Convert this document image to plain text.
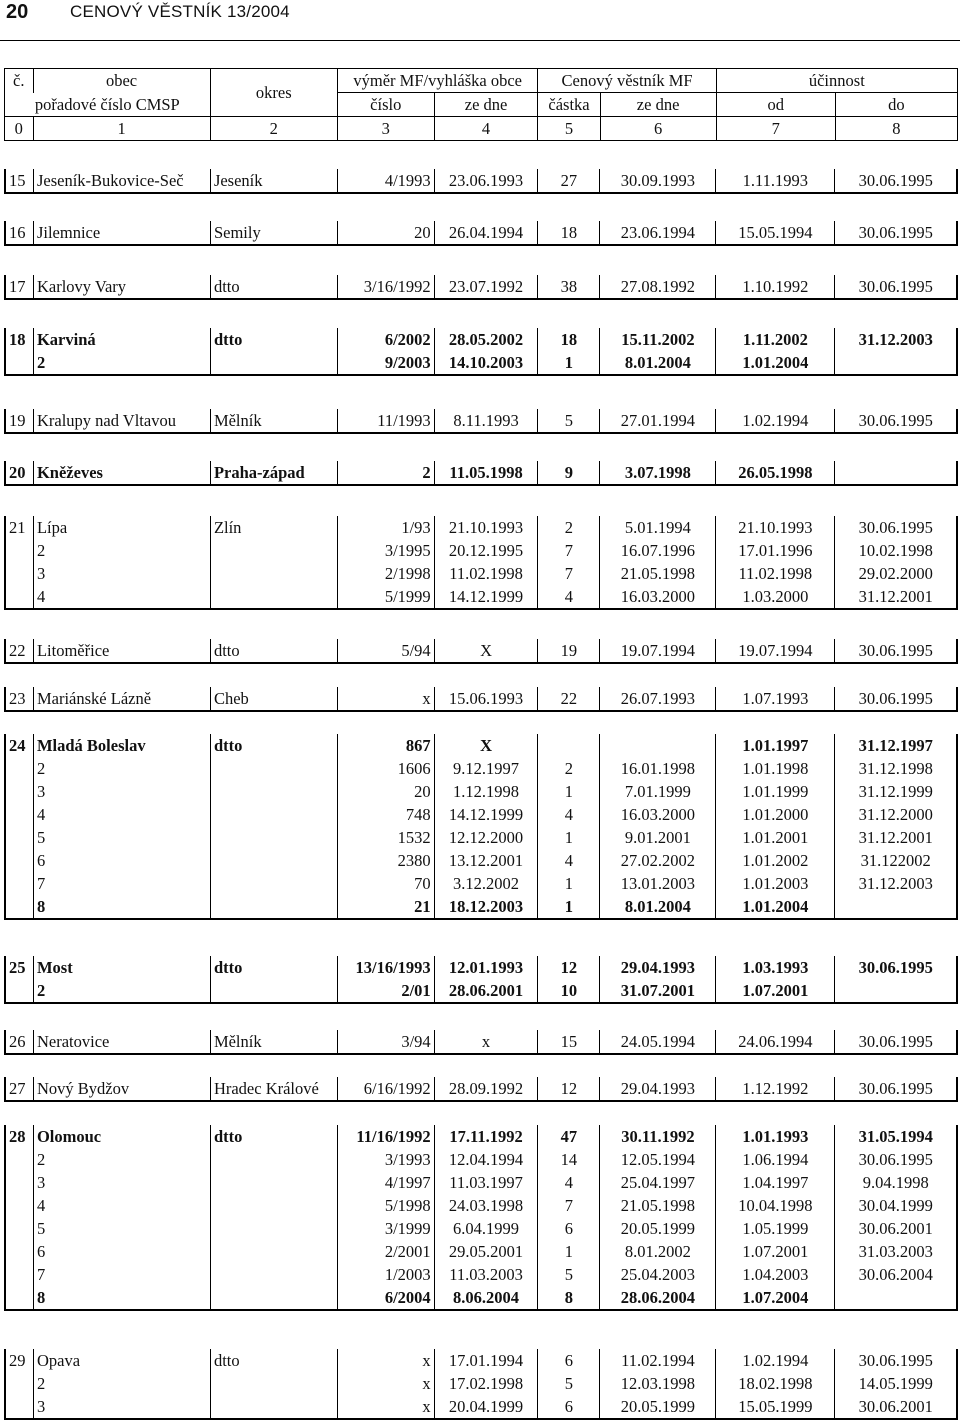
20 CENOVÝ VĚSTNÍK 13/2004
č.	obec	okres	výměr MF/vyhláška obce		Cenový věstník MF		účinnost	
pořadové číslo CMSP			číslo	ze dne	částka	ze dne	od	do
0	1	2	3	4	5	6	7	8
15	Jeseník-Bukovice-Seč	Jeseník	4/1993	23.06.1993	27	30.09.1993	1.11.1993	30.06.1995
16	Jilemnice	Semily	20	26.04.1994	18	23.06.1994	15.05.1994	30.06.1995
17	Karlovy Vary	dtto	3/16/1992	23.07.1992	38	27.08.1992	1.10.1992	30.06.1995
18	Karviná	dtto	6/2002	28.05.2002	18	15.11.2002	1.11.2002	31.12.2003
	2		9/2003	14.10.2003	1	8.01.2004	1.01.2004	
19	Kralupy nad Vltavou	Mělník	11/1993	8.11.1993	5	27.01.1994	1.02.1994	30.06.1995
20	Kněževes	Praha-západ	2	11.05.1998	9	3.07.1998	26.05.1998	
21	Lípa	Zlín	1/93	21.10.1993	2	5.01.1994	21.10.1993	30.06.1995
	2		3/1995	20.12.1995	7	16.07.1996	17.01.1996	10.02.1998
	3		2/1998	11.02.1998	7	21.05.1998	11.02.1998	29.02.2000
	4		5/1999	14.12.1999	4	16.03.2000	1.03.2000	31.12.2001
22	Litoměřice	dtto	5/94	X	19	19.07.1994	19.07.1994	30.06.1995
23	Mariánské Lázně	Cheb	x	15.06.1993	22	26.07.1993	1.07.1993	30.06.1995
24	Mladá Boleslav	dtto	867	X			1.01.1997	31.12.1997
	2		1606	9.12.1997	2	16.01.1998	1.01.1998	31.12.1998
	3		20	1.12.1998	1	7.01.1999	1.01.1999	31.12.1999
	4		748	14.12.1999	4	16.03.2000	1.01.2000	31.12.2000
	5		1532	12.12.2000	1	9.01.2001	1.01.2001	31.12.2001
	6		2380	13.12.2001	4	27.02.2002	1.01.2002	31.122002
	7		70	3.12.2002	1	13.01.2003	1.01.2003	31.12.2003
	8		21	18.12.2003	1	8.01.2004	1.01.2004	
25	Most	dtto	13/16/1993	12.01.1993	12	29.04.1993	1.03.1993	30.06.1995
	2		2/01	28.06.2001	10	31.07.2001	1.07.2001	
26	Neratovice	Mělník	3/94	x	15	24.05.1994	24.06.1994	30.06.1995
27	Nový Bydžov	Hradec Králové	6/16/1992	28.09.1992	12	29.04.1993	1.12.1992	30.06.1995
28	Olomouc	dtto	11/16/1992	17.11.1992	47	30.11.1992	1.01.1993	31.05.1994
	2		3/1993	12.04.1994	14	12.05.1994	1.06.1994	30.06.1995
	3		4/1997	11.03.1997	4	25.04.1997	1.04.1997	9.04.1998
	4		5/1998	24.03.1998	7	21.05.1998	10.04.1998	30.04.1999
	5		3/1999	6.04.1999	6	20.05.1999	1.05.1999	30.06.2001
	6		2/2001	29.05.2001	1	8.01.2002	1.07.2001	31.03.2003
	7		1/2003	11.03.2003	5	25.04.2003	1.04.2003	30.06.2004
	8		6/2004	8.06.2004	8	28.06.2004	1.07.2004	
29	Opava	dtto	x	17.01.1994	6	11.02.1994	1.02.1994	30.06.1995
	2		x	17.02.1998	5	12.03.1998	18.02.1998	14.05.1999
	3		x	20.04.1999	6	20.05.1999	15.05.1999	30.06.2001
